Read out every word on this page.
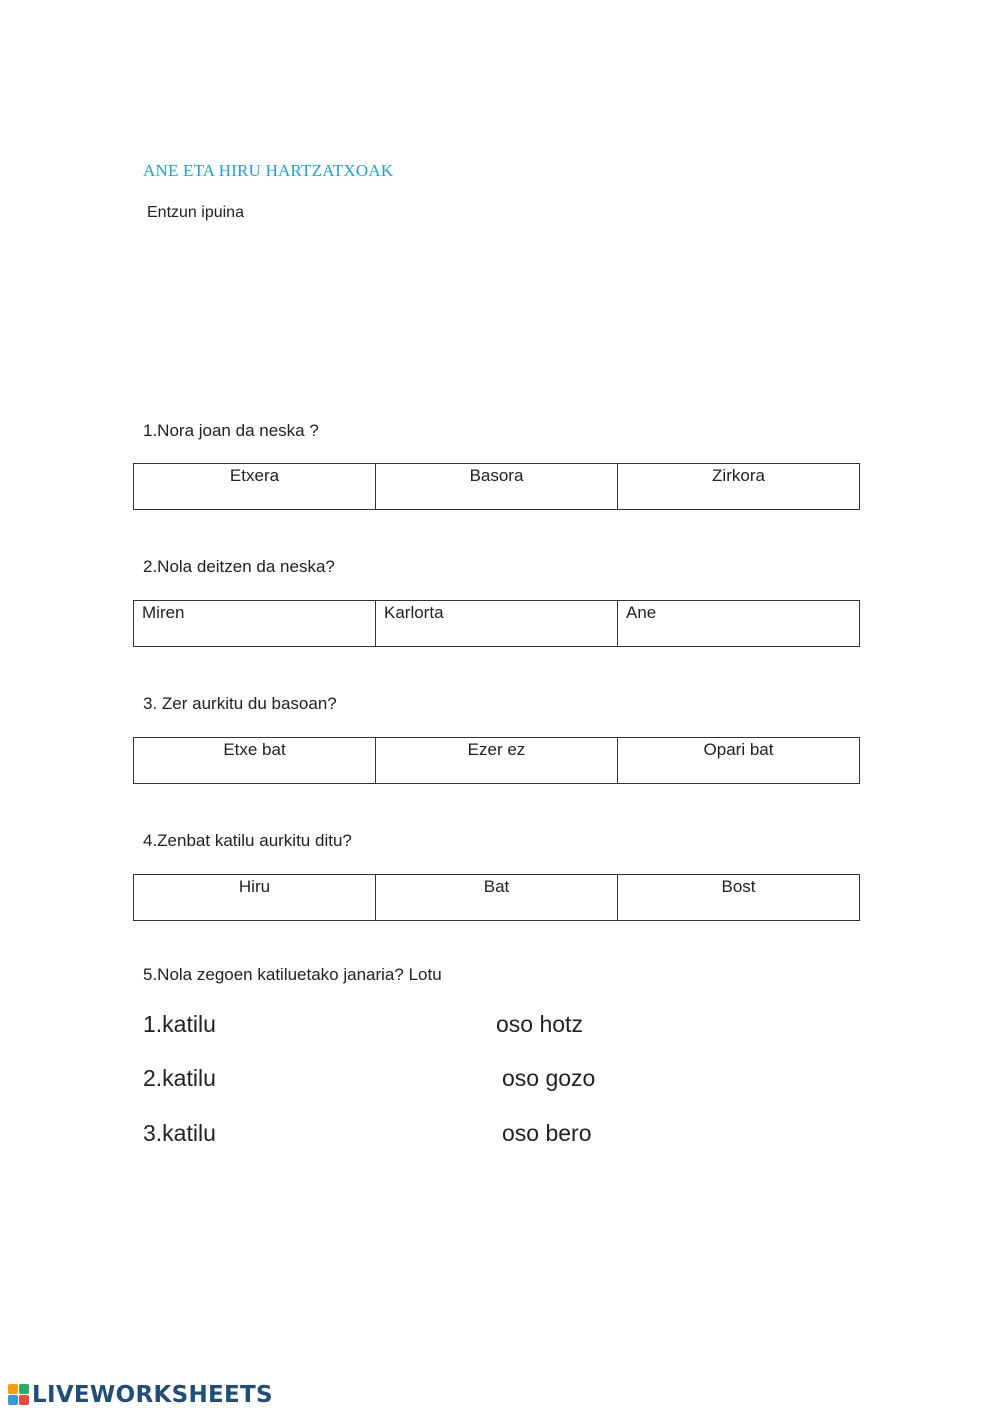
ANE ETA HIRU HARTZATXOAK
Entzun ipuina
1.Nora joan da neska ?
Etxera	Basora	Zirkora
2.Nola deitzen da neska?
Miren	Karlorta	Ane
3. Zer aurkitu du basoan?
Etxe bat	Ezer ez	Opari bat
4.Zenbat katilu aurkitu ditu?
Hiru	Bat	Bost
5.Nola zegoen katiluetako janaria? Lotu
1.katilu	oso hotz
2.katilu	oso gozo
3.katilu	oso bero
LIVEWORKSHEETS
